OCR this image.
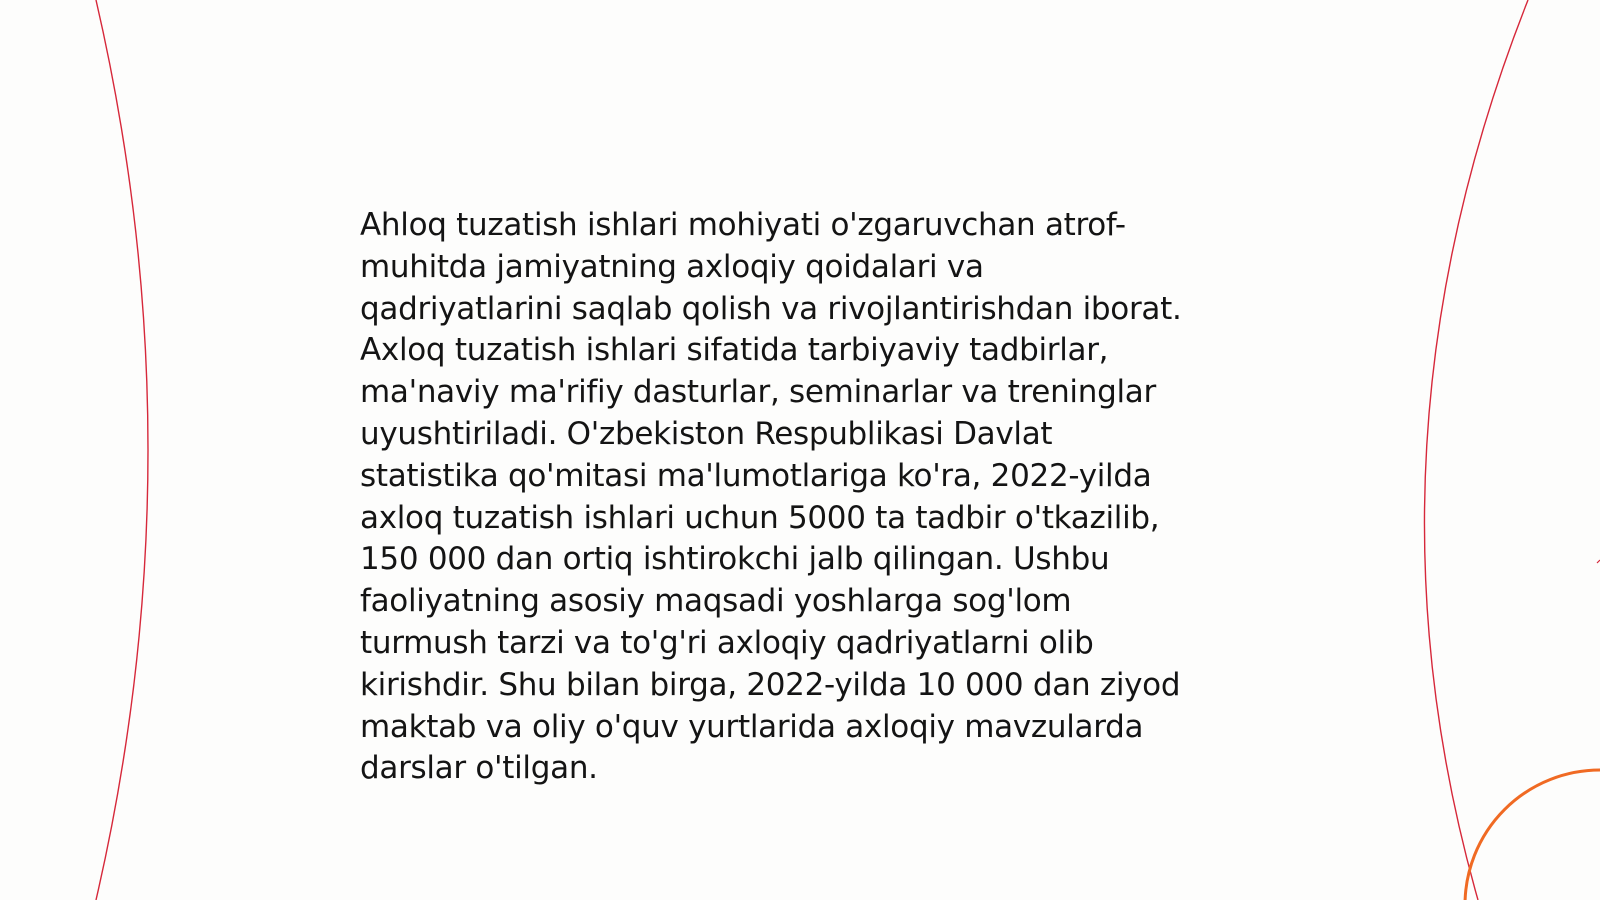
Ahloq tuzatish ishlari mohiyati o'zgaruvchan atrof-
muhitda jamiyatning axloqiy qoidalari va
qadriyatlarini saqlab qolish va rivojlantirishdan iborat.
Axloq tuzatish ishlari sifatida tarbiyaviy tadbirlar,
ma'naviy ma'rifiy dasturlar, seminarlar va treninglar
uyushtiriladi. O'zbekiston Respublikasi Davlat
statistika qo'mitasi ma'lumotlariga ko'ra, 2022-yilda
axloq tuzatish ishlari uchun 5000 ta tadbir o'tkazilib,
150 000 dan ortiq ishtirokchi jalb qilingan. Ushbu
faoliyatning asosiy maqsadi yoshlarga sog'lom
turmush tarzi va to'g'ri axloqiy qadriyatlarni olib
kirishdir. Shu bilan birga, 2022-yilda 10 000 dan ziyod
maktab va oliy o'quv yurtlarida axloqiy mavzularda
darslar o'tilgan.
